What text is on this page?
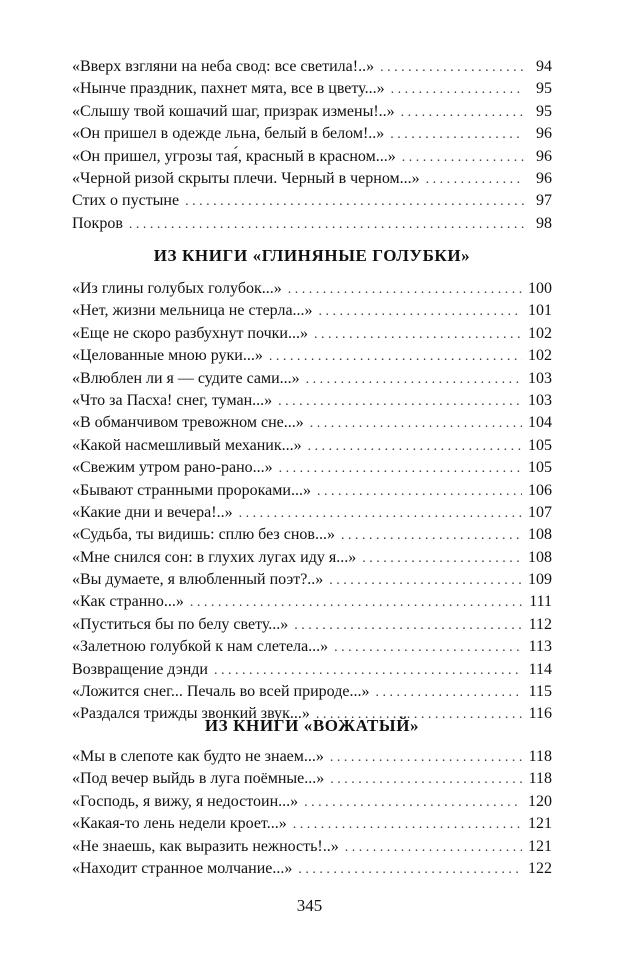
«Вверх взгляни на неба свод: все светила!..» . . .	94
«Нынче праздник, пахнет мята, все в цвету...» . . .	95
«Слышу твой кошачий шаг, призрак измены!..» . . .	95
«Он пришел в одежде льна, белый в белом!..» . . .	96
«Он пришел, угрозы тая́, красный в красном...» . . .	96
«Черной ризой скрыты плечи. Черный в черном...» . . .	96
Стих о пустыне . . .	97
Покров . . .	98
ИЗ КНИГИ «ГЛИНЯНЫЕ ГОЛУБКИ»
«Из глины голубых голубок...» . . .	100
«Нет, жизни мельница не стерла...» . . .	101
«Еще не скоро разбухнут почки...» . . .	102
«Целованные мною руки...» . . .	102
«Влюблен ли я — судите сами...» . . .	103
«Что за Пасха! снег, туман...» . . .	103
«В обманчивом тревожном сне...» . . .	104
«Какой насмешливый механик...» . . .	105
«Свежим утром рано-рано...» . . .	105
«Бывают странными пророками...» . . .	106
«Какие дни и вечера!..» . . .	107
«Судьба, ты видишь: сплю без снов...» . . .	108
«Мне снился сон: в глухих лугах иду я...» . . .	108
«Вы думаете, я влюбленный поэт?..» . . .	109
«Как странно...» . . .	111
«Пуститься бы по белу свету...» . . .	112
«Залетною голубкой к нам слетела...» . . .	113
Возвращение дэнди . . .	114
«Ложится снег... Печаль во всей природе...» . . .	115
«Раздался трижды звонкий звук...» . . .	116
ИЗ КНИГИ «ВОЖАТЫЙ»
«Мы в слепоте как будто не знаем...» . . .	118
«Под вечер выйдь в луга поёмные...» . . .	118
«Господь, я вижу, я недостоин...» . . .	120
«Какая-то лень недели кроет...» . . .	121
«Не знаешь, как выразить нежность!..» . . .	121
«Находит странное молчание...» . . .	122
345
